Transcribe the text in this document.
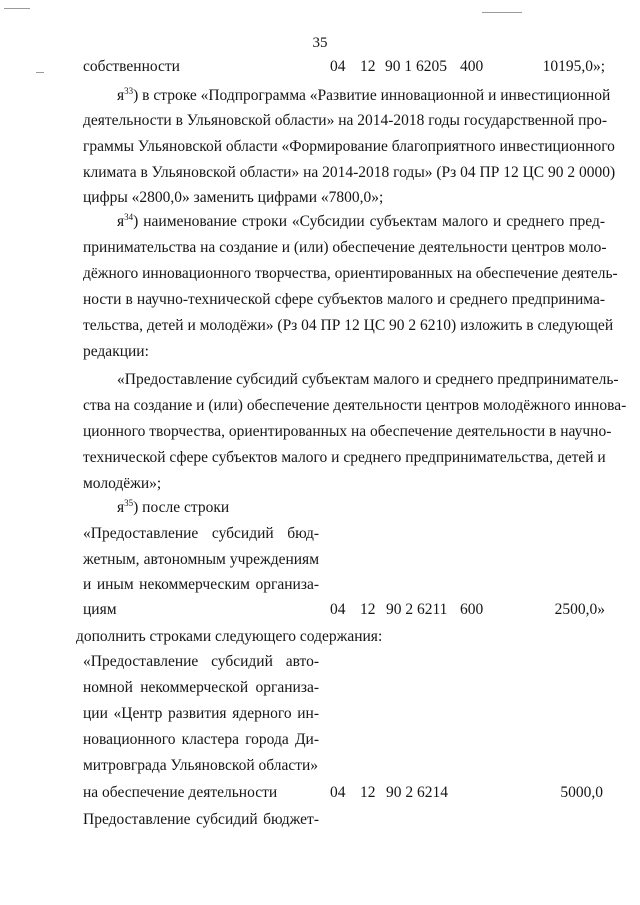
35
собственности	04 12 90 1 6205 400	10195,0»;
$я^{33}$) в строке «Подпрограмма «Развитие инновационной и инвестиционной
деятельности в Ульяновской области» на 2014-2018 годы государственной про-
граммы Ульяновской области «Формирование благоприятного инвестиционного
климата в Ульяновской области» на 2014-2018 годы» (Рз 04 ПР 12 ЦС 90 2 0000)
цифры «2800,0» заменить цифрами «7800,0»;
$я^{34}$) наименование строки «Субсидии субъектам малого и среднего пред-
принимательства на создание и (или) обеспечение деятельности центров моло-
дёжного инновационного творчества, ориентированных на обеспечение деятель-
ности в научно-технической сфере субъектов малого и среднего предпринима-
тельства, детей и молодёжи» (Рз 04 ПР 12 ЦС 90 2 6210) изложить в следующей
редакции:
«Предоставление субсидий субъектам малого и среднего предприниматель-
ства на создание и (или) обеспечение деятельности центров молодёжного иннова-
ционного творчества, ориентированных на обеспечение деятельности в научно-
технической сфере субъектов малого и среднего предпринимательства, детей и
молодёжи»;
$я^{35}$) после строки
«Предоставление субсидий бюд-
жетным, автономным учреждениям
и иным некоммерческим организа-
циям	04 12 90 2 6211 600	2500,0»
дополнить строками следующего содержания:
«Предоставление субсидий авто-
номной некоммерческой организа-
ции «Центр развития ядерного ин-
новационного кластера города Ди-
митровграда Ульяновской области»
на обеспечение деятельности	04 12 90 2 6214	5000,0
Предоставление субсидий бюджет-
